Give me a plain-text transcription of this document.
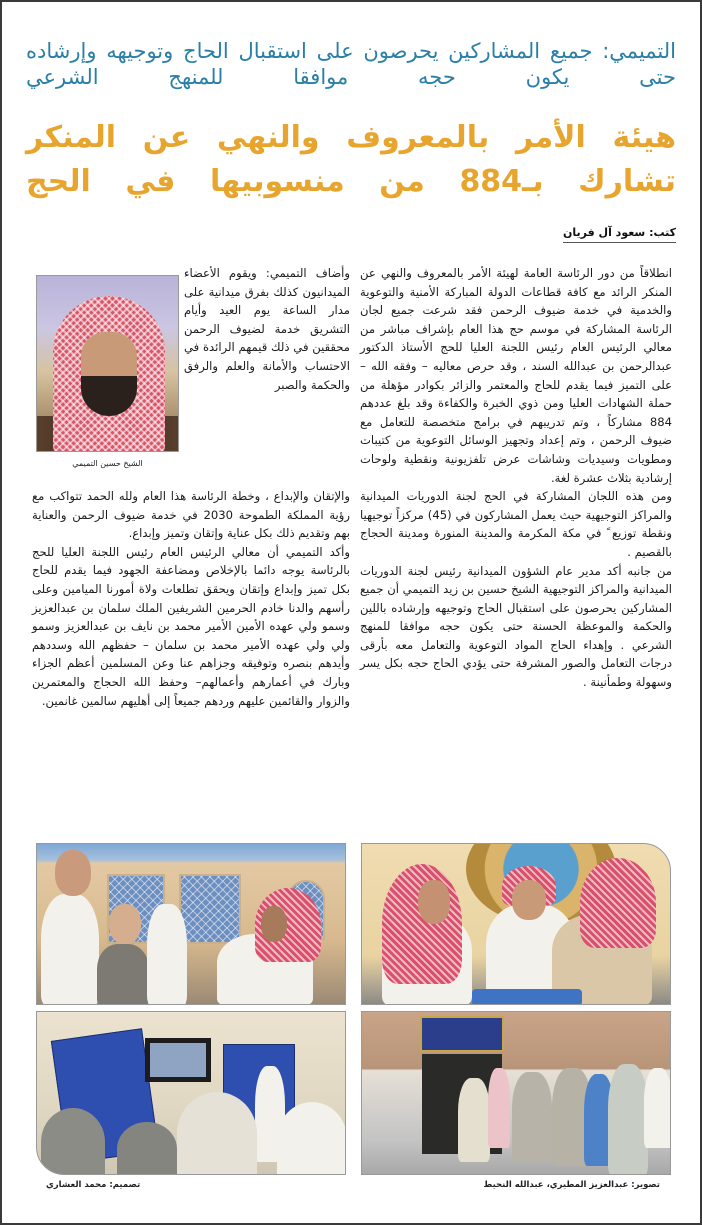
التميمي: جميع المشاركين يحرصون على استقبال الحاج وتوجيهه وإرشاده حتى يكون حجه موافقا للمنهج الشرعي
هيئة الأمر بالمعروف والنهي عن المنكر تشارك بـ884 من منسوبيها في الحج
كتب: سعود آل فريان

انطلاقاً من دور الرئاسة العامة لهيئة الأمر بالمعروف والنهي عن المنكر الرائد مع كافة قطاعات الدولة المباركة الأمنية والتوعوية والخدمية في خدمة ضيوف الرحمن فقد شرعت جميع لجان الرئاسة المشاركة في موسم حج هذا العام بإشراف مباشر من معالي الرئيس العام رئيس اللجنة العليا للحج الأستاذ الدكتور عبدالرحمن بن عبدالله السند ، وقد حرص معاليه – وفقه الله – على التميز فيما يقدم للحاج والمعتمر والزائر بكوادر مؤهلة من حملة الشهادات العليا ومن ذوي الخبرة والكفاءة وقد بلغ عددهم 884 مشاركاً ، وتم تدريبهم في برامج متخصصة للتعامل مع ضيوف الرحمن ، وتم إعداد وتجهيز الوسائل التوعوية من كتيبات ومطويات وسيديات وشاشات عرض تلفزيونية ونقطية ولوحات إرشادية بثلاث عشرة لغة.

ومن هذه اللجان المشاركة في الحج لجنة الدوريات الميدانية والمراكز التوجيهية حيث يعمل المشاركون في (45) مركزاً توجيهيا ونقطة توزيع ً في مكة المكرمة والمدينة المنورة ومدينة الحجاج بالقصيم .

من جانبه أكد مدير عام الشؤون الميدانية رئيس لجنة الدوريات الميدانية والمراكز التوجيهية الشيخ حسين بن زيد التميمي أن جميع المشاركين يحرصون على استقبال الحاج وتوجيهه وإرشاده باللين والحكمة والموعظة الحسنة حتى يكون حجه موافقا للمنهج الشرعي . وإهداء الحاج المواد التوعوية والتعامل معه بأرقى درجات التعامل والصور المشرفة حتى يؤدي الحاج حجه بكل يسر وسهولة وطمأنينة .

الشيخ حسين التميمي

وأضاف التميمي: ويقوم الأعضاء الميدانيون كذلك بفرق ميدانية على مدار الساعة يوم العيد وأيام التشريق خدمة لضيوف الرحمن محققين في ذلك قيمهم الرائدة في الاحتساب والأمانة والعلم والرفق والحكمة والصبر

والإتقان والإبداع ، وخطة الرئاسة هذا العام ولله الحمد تتواكب مع رؤية المملكة الطموحة 2030 في خدمة ضيوف الرحمن والعناية بهم وتقديم ذلك بكل عناية وإتقان وتميز وإبداع.

وأكد التميمي أن معالي الرئيس العام رئيس اللجنة العليا للحج بالرئاسة يوجه دائما بالإخلاص ومضاعفة الجهود فيما يقدم للحاج بكل تميز وإبداع وإتقان ويحقق تطلعات ولاة أمورنا الميامين وعلى رأسهم والدنا خادم الحرمين الشريفين الملك سلمان بن عبدالعزيز وسمو ولي عهده الأمين الأمير محمد بن نايف بن عبدالعزيز وسمو ولي ولي عهده الأمير محمد بن سلمان – حفظهم الله وسددهم وأيدهم بنصره وتوفيقه وجزاهم عنا وعن المسلمين أعظم الجزاء وبارك في أعمارهم وأعمالهم– وحفظ الله الحجاج والمعتمرين والزوار والقائمين عليهم وردهم جميعاً إلى أهليهم سالمين غانمين.

تصوير: عبدالعزيز المطيري، عبدالله النحيط
تصميم: محمد العشاري
